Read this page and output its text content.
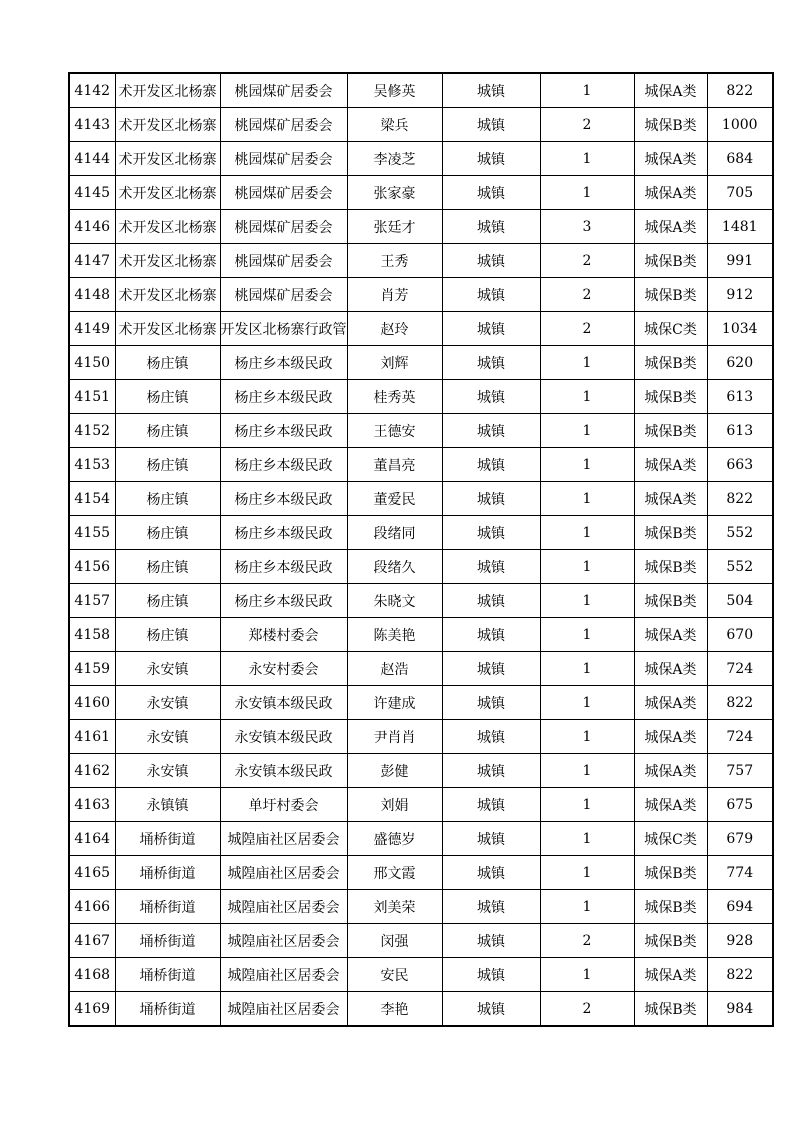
4142	术开发区北杨寨	桃园煤矿居委会	吴修英	城镇	1	城保A类	822
4143	术开发区北杨寨	桃园煤矿居委会	梁兵	城镇	2	城保B类	1000
4144	术开发区北杨寨	桃园煤矿居委会	李凌芝	城镇	1	城保A类	684
4145	术开发区北杨寨	桃园煤矿居委会	张家豪	城镇	1	城保A类	705
4146	术开发区北杨寨	桃园煤矿居委会	张廷才	城镇	3	城保A类	1481
4147	术开发区北杨寨	桃园煤矿居委会	王秀	城镇	2	城保B类	991
4148	术开发区北杨寨	桃园煤矿居委会	肖芳	城镇	2	城保B类	912
4149	术开发区北杨寨	开发区北杨寨行政管	赵玲	城镇	2	城保C类	1034
4150	杨庄镇	杨庄乡本级民政	刘辉	城镇	1	城保B类	620
4151	杨庄镇	杨庄乡本级民政	桂秀英	城镇	1	城保B类	613
4152	杨庄镇	杨庄乡本级民政	王德安	城镇	1	城保B类	613
4153	杨庄镇	杨庄乡本级民政	董昌亮	城镇	1	城保A类	663
4154	杨庄镇	杨庄乡本级民政	董爱民	城镇	1	城保A类	822
4155	杨庄镇	杨庄乡本级民政	段绪同	城镇	1	城保B类	552
4156	杨庄镇	杨庄乡本级民政	段绪久	城镇	1	城保B类	552
4157	杨庄镇	杨庄乡本级民政	朱晓文	城镇	1	城保B类	504
4158	杨庄镇	郑楼村委会	陈美艳	城镇	1	城保A类	670
4159	永安镇	永安村委会	赵浩	城镇	1	城保A类	724
4160	永安镇	永安镇本级民政	许建成	城镇	1	城保A类	822
4161	永安镇	永安镇本级民政	尹肖肖	城镇	1	城保A类	724
4162	永安镇	永安镇本级民政	彭健	城镇	1	城保A类	757
4163	永镇镇	单圩村委会	刘娟	城镇	1	城保A类	675
4164	埇桥街道	城隍庙社区居委会	盛德岁	城镇	1	城保C类	679
4165	埇桥街道	城隍庙社区居委会	邢文霞	城镇	1	城保B类	774
4166	埇桥街道	城隍庙社区居委会	刘美荣	城镇	1	城保B类	694
4167	埇桥街道	城隍庙社区居委会	闵强	城镇	2	城保B类	928
4168	埇桥街道	城隍庙社区居委会	安民	城镇	1	城保A类	822
4169	埇桥街道	城隍庙社区居委会	李艳	城镇	2	城保B类	984
